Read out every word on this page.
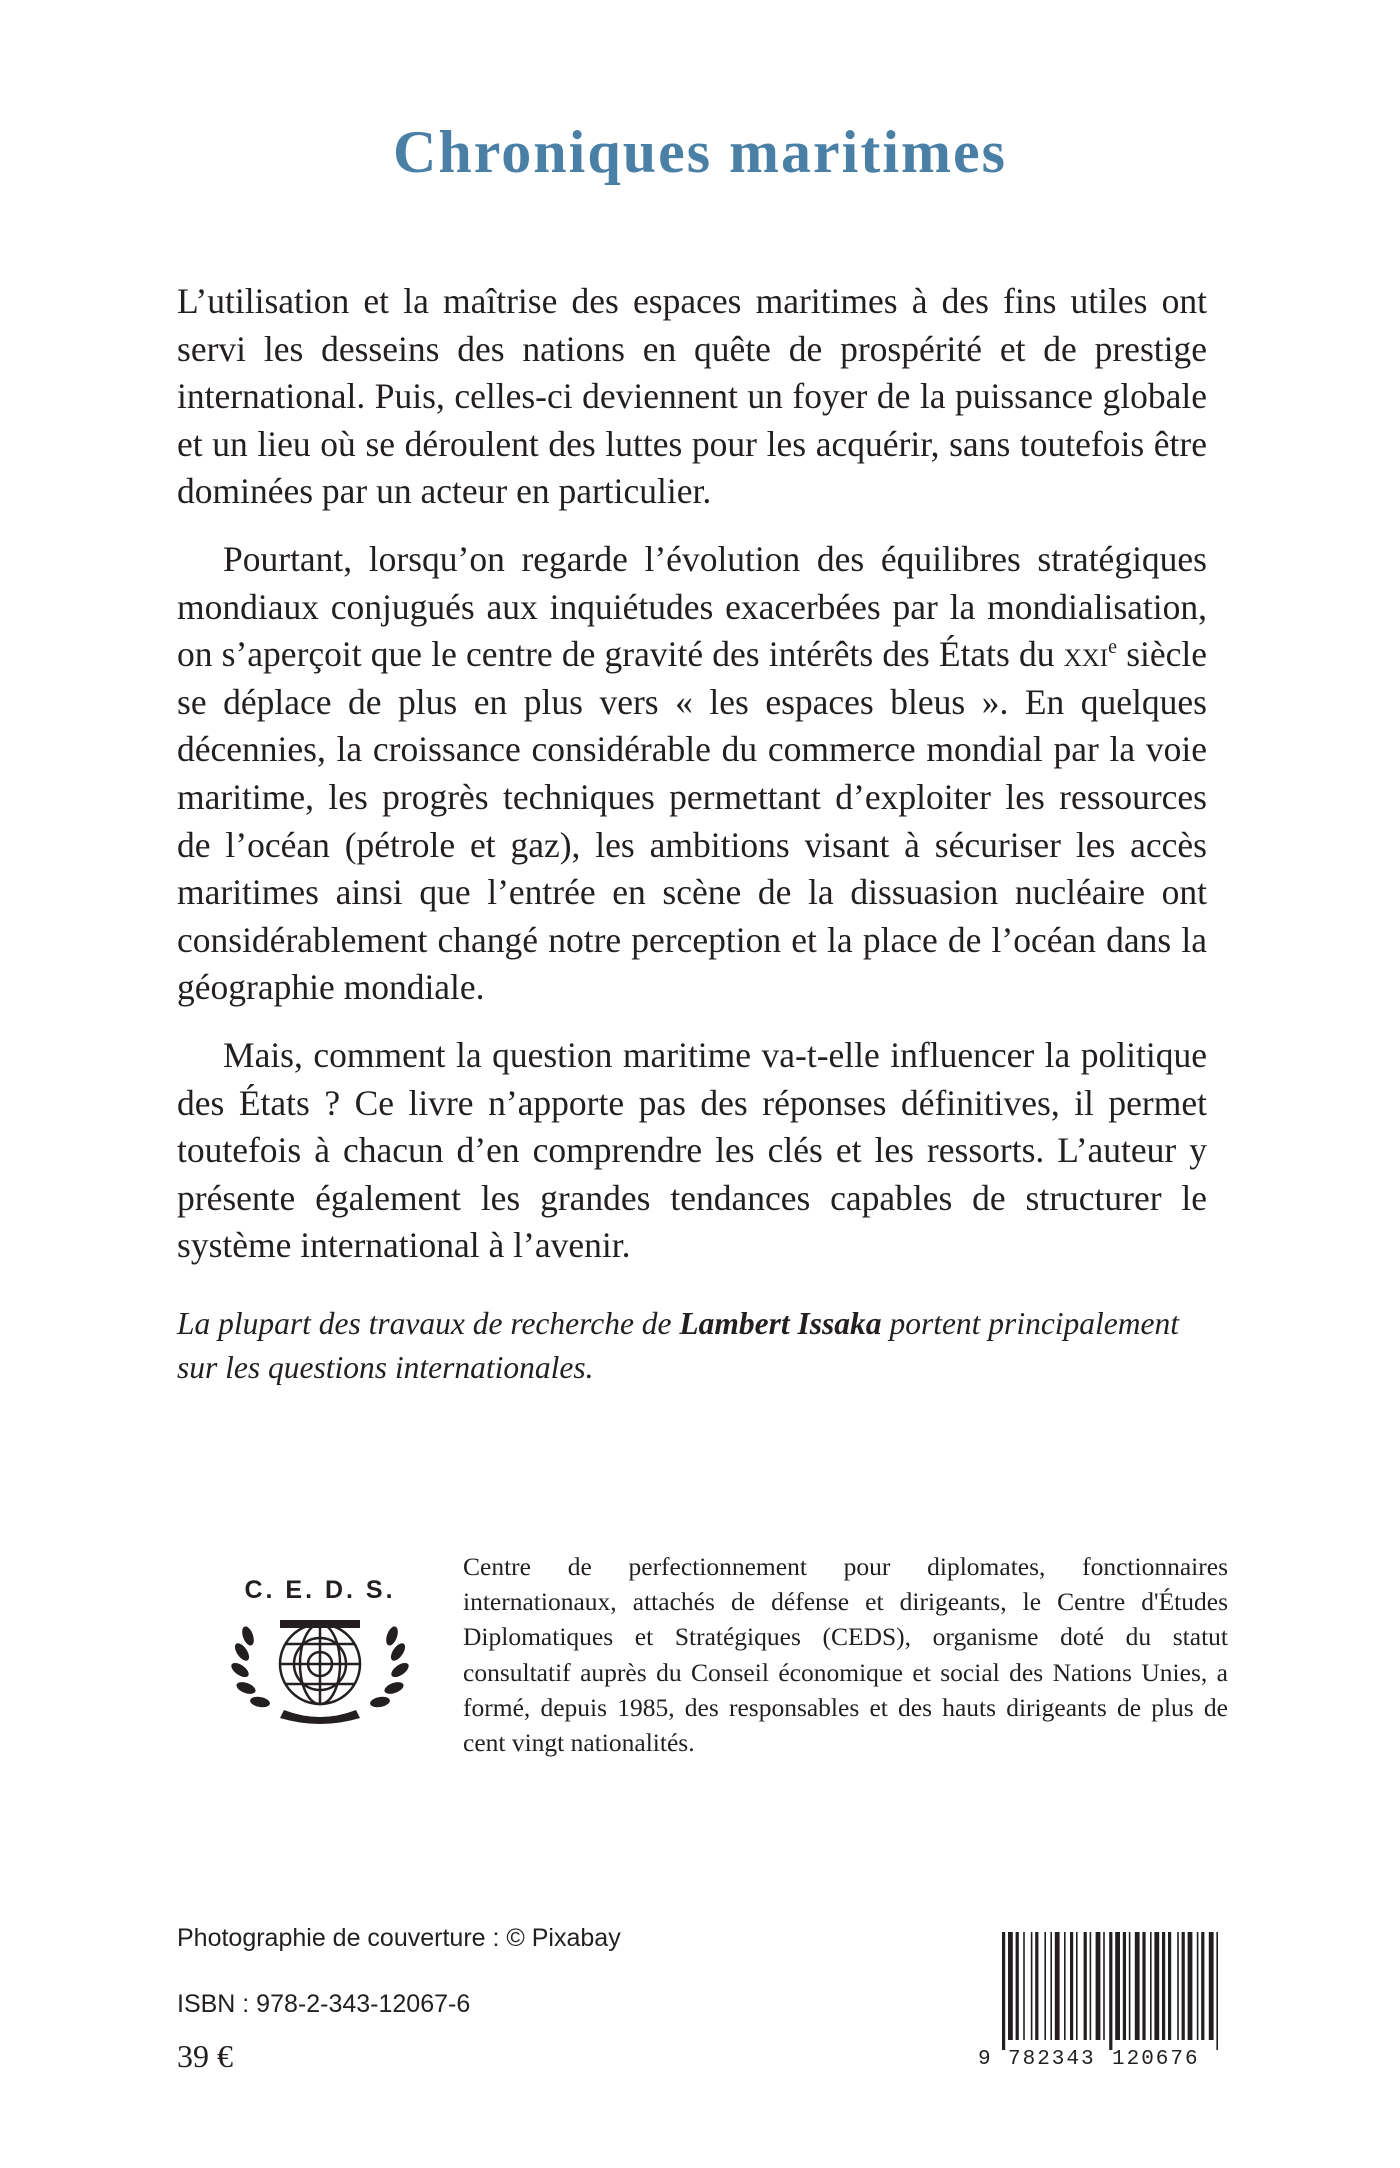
Chroniques maritimes

L’utilisation et la maîtrise des espaces maritimes à des fins utiles ont servi les desseins des nations en quête de prospérité et de prestige international. Puis, celles-ci deviennent un foyer de la puissance globale et un lieu où se déroulent des luttes pour les acquérir, sans toutefois être dominées par un acteur en particulier.

Pourtant, lorsqu’on regarde l’évolution des équilibres stratégiques mondiaux conjugués aux inquiétudes exacerbées par la mondialisation, on s’aperçoit que le centre de gravité des intérêts des États du xxi$^e$ siècle se déplace de plus en plus vers « les espaces bleus ». En quelques décennies, la croissance considérable du commerce mondial par la voie maritime, les progrès techniques permettant d’exploiter les ressources de l’océan (pétrole et gaz), les ambitions visant à sécuriser les accès maritimes ainsi que l’entrée en scène de la dissuasion nucléaire ont considérablement changé notre perception et la place de l’océan dans la géographie mondiale.

Mais, comment la question maritime va-t-elle influencer la politique des États ? Ce livre n’apporte pas des réponses définitives, il permet toutefois à chacun d’en comprendre les clés et les ressorts. L’auteur y présente également les grandes tendances capables de structurer le système international à l’avenir.

La plupart des travaux de recherche de Lambert Issaka portent principalement sur les questions internationales.
C. E. D. S.
Centre de perfectionnement pour diplomates, fonctionnaires internationaux, attachés de défense et dirigeants, le Centre d'Études Diplomatiques et Stratégiques (CEDS), organisme doté du statut consultatif auprès du Conseil économique et social des Nations Unies, a formé, depuis 1985, des responsables et des hauts dirigeants de plus de cent vingt nationalités.
Photographie de couverture : © Pixabay
ISBN : 978-2-343-12067-6
39 €	9 782343 120676
